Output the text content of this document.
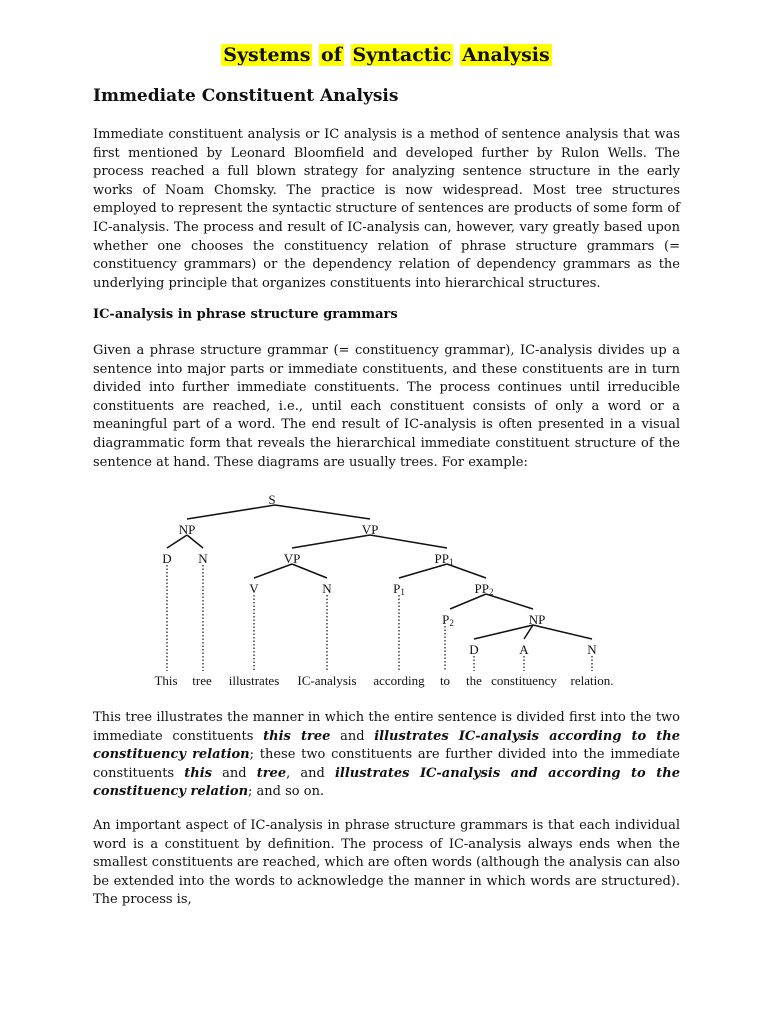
Systems of Syntactic Analysis
Immediate Constituent Analysis

Immediate constituent analysis or IC analysis is a method of sentence analysis that was first mentioned by Leonard Bloomfield and developed further by Rulon Wells. The process reached a full blown strategy for analyzing sentence structure in the early works of Noam Chomsky. The practice is now widespread. Most tree structures employed to represent the syntactic structure of sentences are products of some form of IC-analysis. The process and result of IC-analysis can, however, vary greatly based upon whether one chooses the constituency relation of phrase structure grammars (= constituency grammars) or the dependency relation of dependency grammars as the underlying principle that organizes constituents into hierarchical structures.

IC-analysis in phrase structure grammars

Given a phrase structure grammar (= constituency grammar), IC-analysis divides up a sentence into major parts or immediate constituents, and these constituents are in turn divided into further immediate constituents. The process continues until irreducible constituents are reached, i.e., until each constituent consists of only a word or a meaningful part of a word. The end result of IC-analysis is often presented in a visual diagrammatic form that reveals the hierarchical immediate constituent structure of the sentence at hand. These diagrams are usually trees. For example:

This tree illustrates the manner in which the entire sentence is divided first into the two immediate constituents this tree and illustrates IC-analysis according to the constituency relation; these two constituents are further divided into the immediate constituents this and tree, and illustrates IC-analysis and according to the constituency relation; and so on.

An important aspect of IC-analysis in phrase structure grammars is that each individual word is a constituent by definition. The process of IC-analysis always ends when the smallest constituents are reached, which are often words (although the analysis can also be extended into the words to acknowledge the manner in which words are structured). The process is,

S
NP	VP
D N	VP	PP1
V	N	P1	PP2
P2	NP
D	A	N
This tree illustrates IC-analysis according to the constituency relation.
